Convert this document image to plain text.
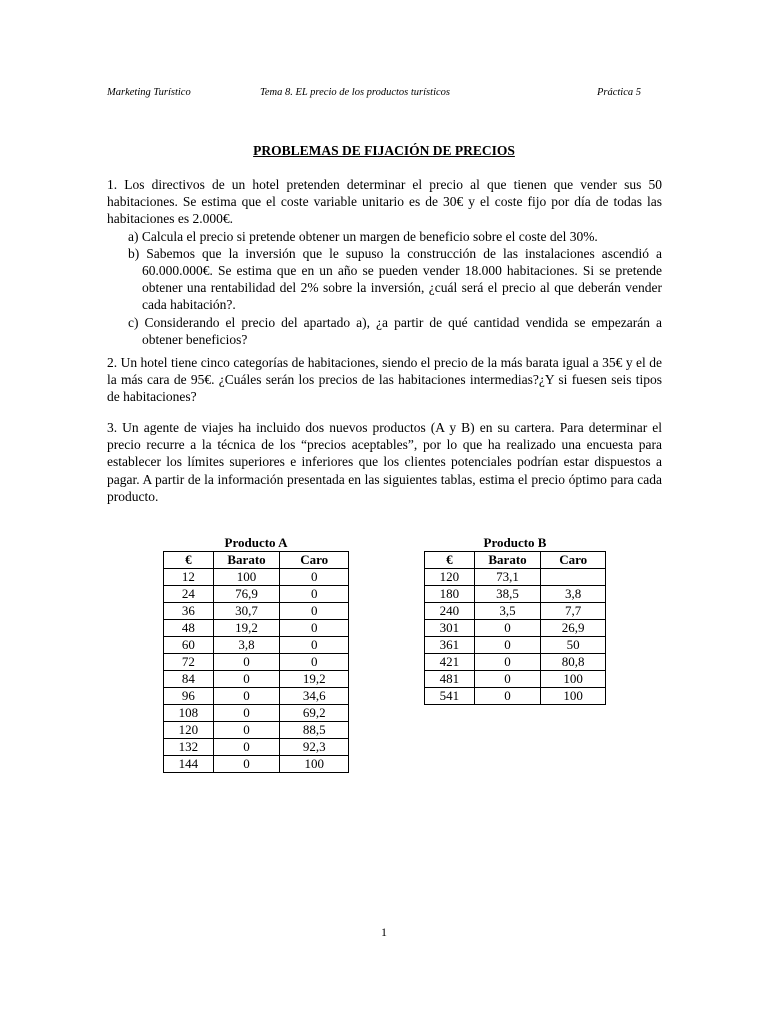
Marketing Turístico	Tema 8. EL precio de los productos turísticos	Práctica 5
PROBLEMAS DE FIJACIÓN DE PRECIOS

1. Los directivos de un hotel pretenden determinar el precio al que tienen que vender sus 50 habitaciones. Se estima que el coste variable unitario es de 30€ y el coste fijo por día de todas las habitaciones es 2.000€.

a) Calcula el precio si pretende obtener un margen de beneficio sobre el coste del 30%.

b) Sabemos que la inversión que le supuso la construcción de las instalaciones ascendió a 60.000.000€. Se estima que en un año se pueden vender 18.000 habitaciones. Si se pretende obtener una rentabilidad del 2% sobre la inversión, ¿cuál será el precio al que deberán vender cada habitación?.

c) Considerando el precio del apartado a), ¿a partir de qué cantidad vendida se empezarán a obtener beneficios?

2. Un hotel tiene cinco categorías de habitaciones, siendo el precio de la más barata igual a 35€ y el de la más cara de 95€. ¿Cuáles serán los precios de las habitaciones intermedias?¿Y si fuesen seis tipos de habitaciones?

3. Un agente de viajes ha incluido dos nuevos productos (A y B) en su cartera. Para determinar el precio recurre a la técnica de los “precios aceptables”, por lo que ha realizado una encuesta para establecer los límites superiores e inferiores que los clientes potenciales podrían estar dispuestos a pagar. A partir de la información presentada en las siguientes tablas, estima el precio óptimo para cada producto.

Producto A
€	Barato	Caro
12	100	0
24	76,9	0
36	30,7	0
48	19,2	0
60	3,8	0
72	0	0
84	0	19,2
96	0	34,6
108	0	69,2
120	0	88,5
132	0	92,3
144	0	100
Producto B
€	Barato	Caro
120	73,1	
180	38,5	3,8
240	3,5	7,7
301	0	26,9
361	0	50
421	0	80,8
481	0	100
541	0	100
1
